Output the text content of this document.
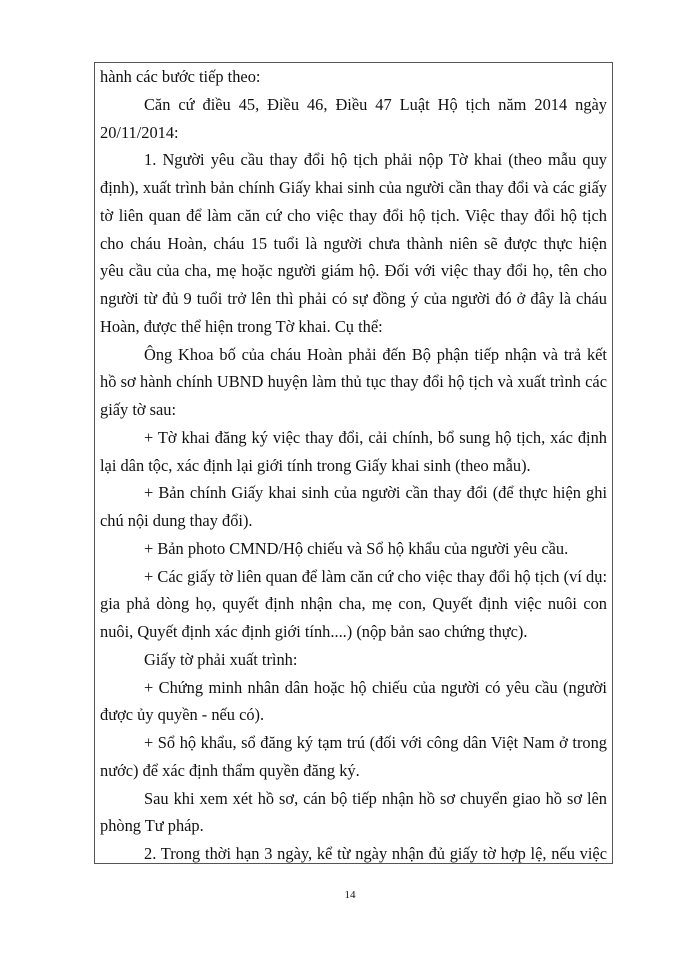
hành các bước tiếp theo:
Căn cứ điều 45, Điều 46, Điều 47 Luật Hộ tịch năm 2014 ngày
20/11/2014:
1. Người yêu cầu thay đổi hộ tịch phải nộp Tờ khai (theo mẫu quy
định), xuất trình bản chính Giấy khai sinh của người cần thay đổi và các giấy
tờ liên quan để làm căn cứ cho việc thay đổi hộ tịch. Việc thay đổi hộ tịch
cho cháu Hoàn, cháu 15 tuổi là người chưa thành niên sẽ được thực hiện
yêu cầu của cha, mẹ hoặc người giám hộ. Đối với việc thay đổi họ, tên cho
người từ đủ 9 tuổi trở lên thì phải có sự đồng ý của người đó ở đây là cháu
Hoàn, được thể hiện trong Tờ khai. Cụ thể:
Ông Khoa bố của cháu Hoàn phải đến Bộ phận tiếp nhận và trả kết
hồ sơ hành chính UBND huyện làm thủ tục thay đổi hộ tịch và xuất trình các
giấy tờ sau:
+ Tờ khai đăng ký việc thay đổi, cải chính, bổ sung hộ tịch, xác định
lại dân tộc, xác định lại giới tính trong Giấy khai sinh (theo mẫu).
+ Bản chính Giấy khai sinh của người cần thay đổi (để thực hiện ghi
chú nội dung thay đổi).
+ Bản photo CMND/Hộ chiếu và Sổ hộ khẩu của người yêu cầu.
+ Các giấy tờ liên quan để làm căn cứ cho việc thay đổi hộ tịch (ví dụ:
gia phả dòng họ, quyết định nhận cha, mẹ con, Quyết định việc nuôi con
nuôi, Quyết định xác định giới tính....) (nộp bản sao chứng thực).
Giấy tờ phải xuất trình:
+ Chứng minh nhân dân hoặc hộ chiếu của người có yêu cầu (người
được ủy quyền - nếu có).
+ Sổ hộ khẩu, sổ đăng ký tạm trú (đối với công dân Việt Nam ở trong
nước) để xác định thẩm quyền đăng ký.
Sau khi xem xét hồ sơ, cán bộ tiếp nhận hồ sơ chuyển giao hồ sơ lên
phòng Tư pháp.
2. Trong thời hạn 3 ngày, kể từ ngày nhận đủ giấy tờ hợp lệ, nếu việc
14
